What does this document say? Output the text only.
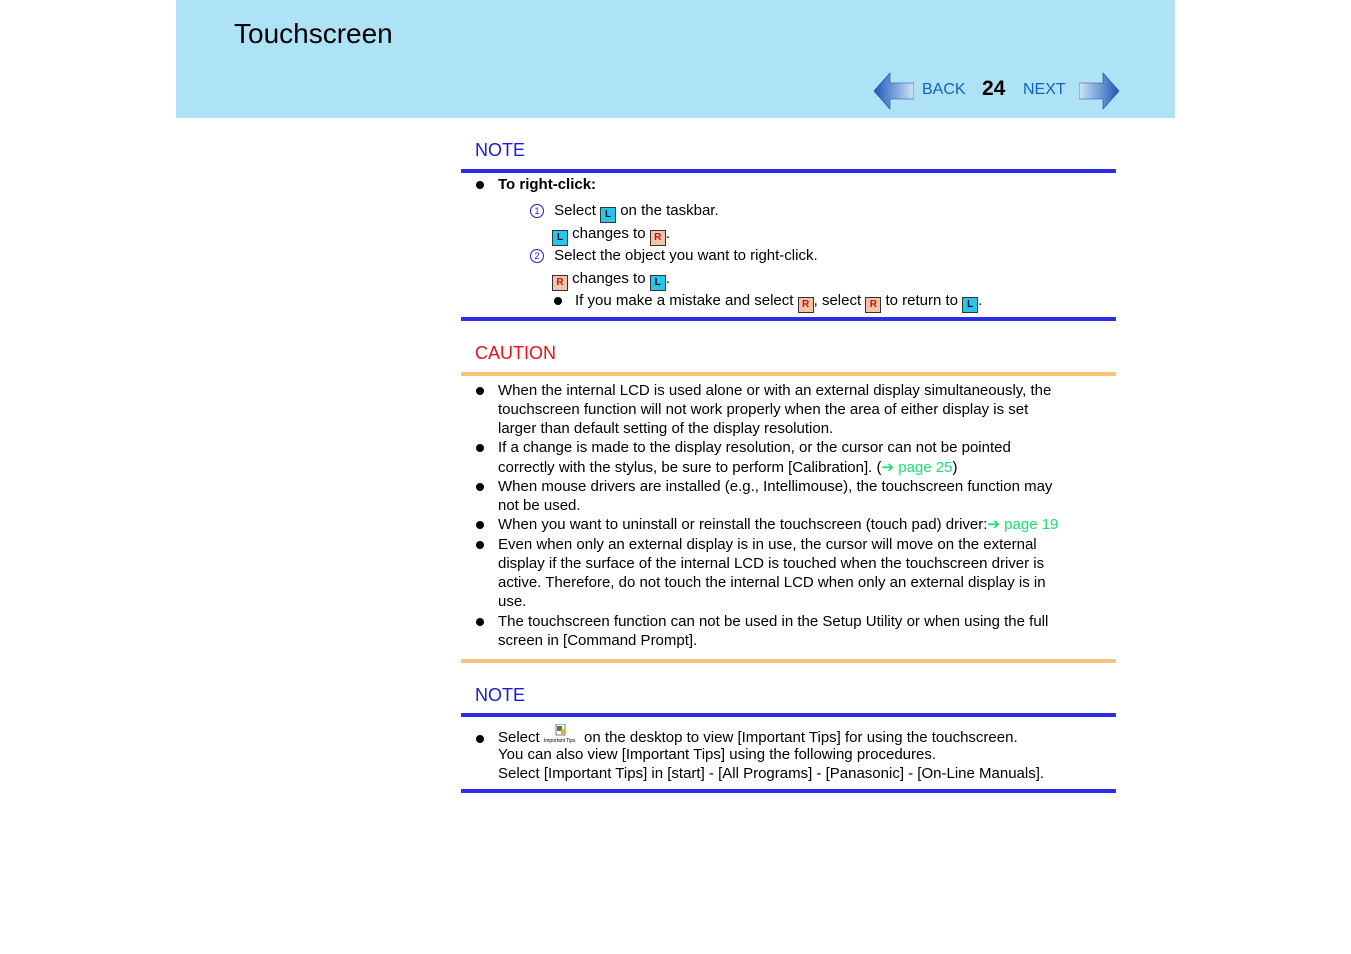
Touchscreen
BACK 24 NEXT
NOTE
To right-click:
1 Select L on the taskbar.
L changes to R .
2 Select the object you want to right-click.
R changes to L .
If you make a mistake and select R , select R to return to L .
CAUTION
When the internal LCD is used alone or with an external display simultaneously, the
touchscreen function will not work properly when the area of either display is set
larger than default setting of the display resolution.
If a change is made to the display resolution, or the cursor can not be pointed
correctly with the stylus, be sure to perform [Calibration]. (➔ page 25)
When mouse drivers are installed (e.g., Intellimouse), the touchscreen function may
not be used.
When you want to uninstall or reinstall the touchscreen (touch pad) driver:➔ page 19
Even when only an external display is in use, the cursor will move on the external
display if the surface of the internal LCD is touched when the touchscreen driver is
active. Therefore, do not touch the internal LCD when only an external display is in
use.
The touchscreen function can not be used in the Setup Utility or when using the full
screen in [Command Prompt].
NOTE
Select Important Tips on the desktop to view [Important Tips] for using the touchscreen.
You can also view [Important Tips] using the following procedures.
Select [Important Tips] in [start] - [All Programs] - [Panasonic] - [On-Line Manuals].
